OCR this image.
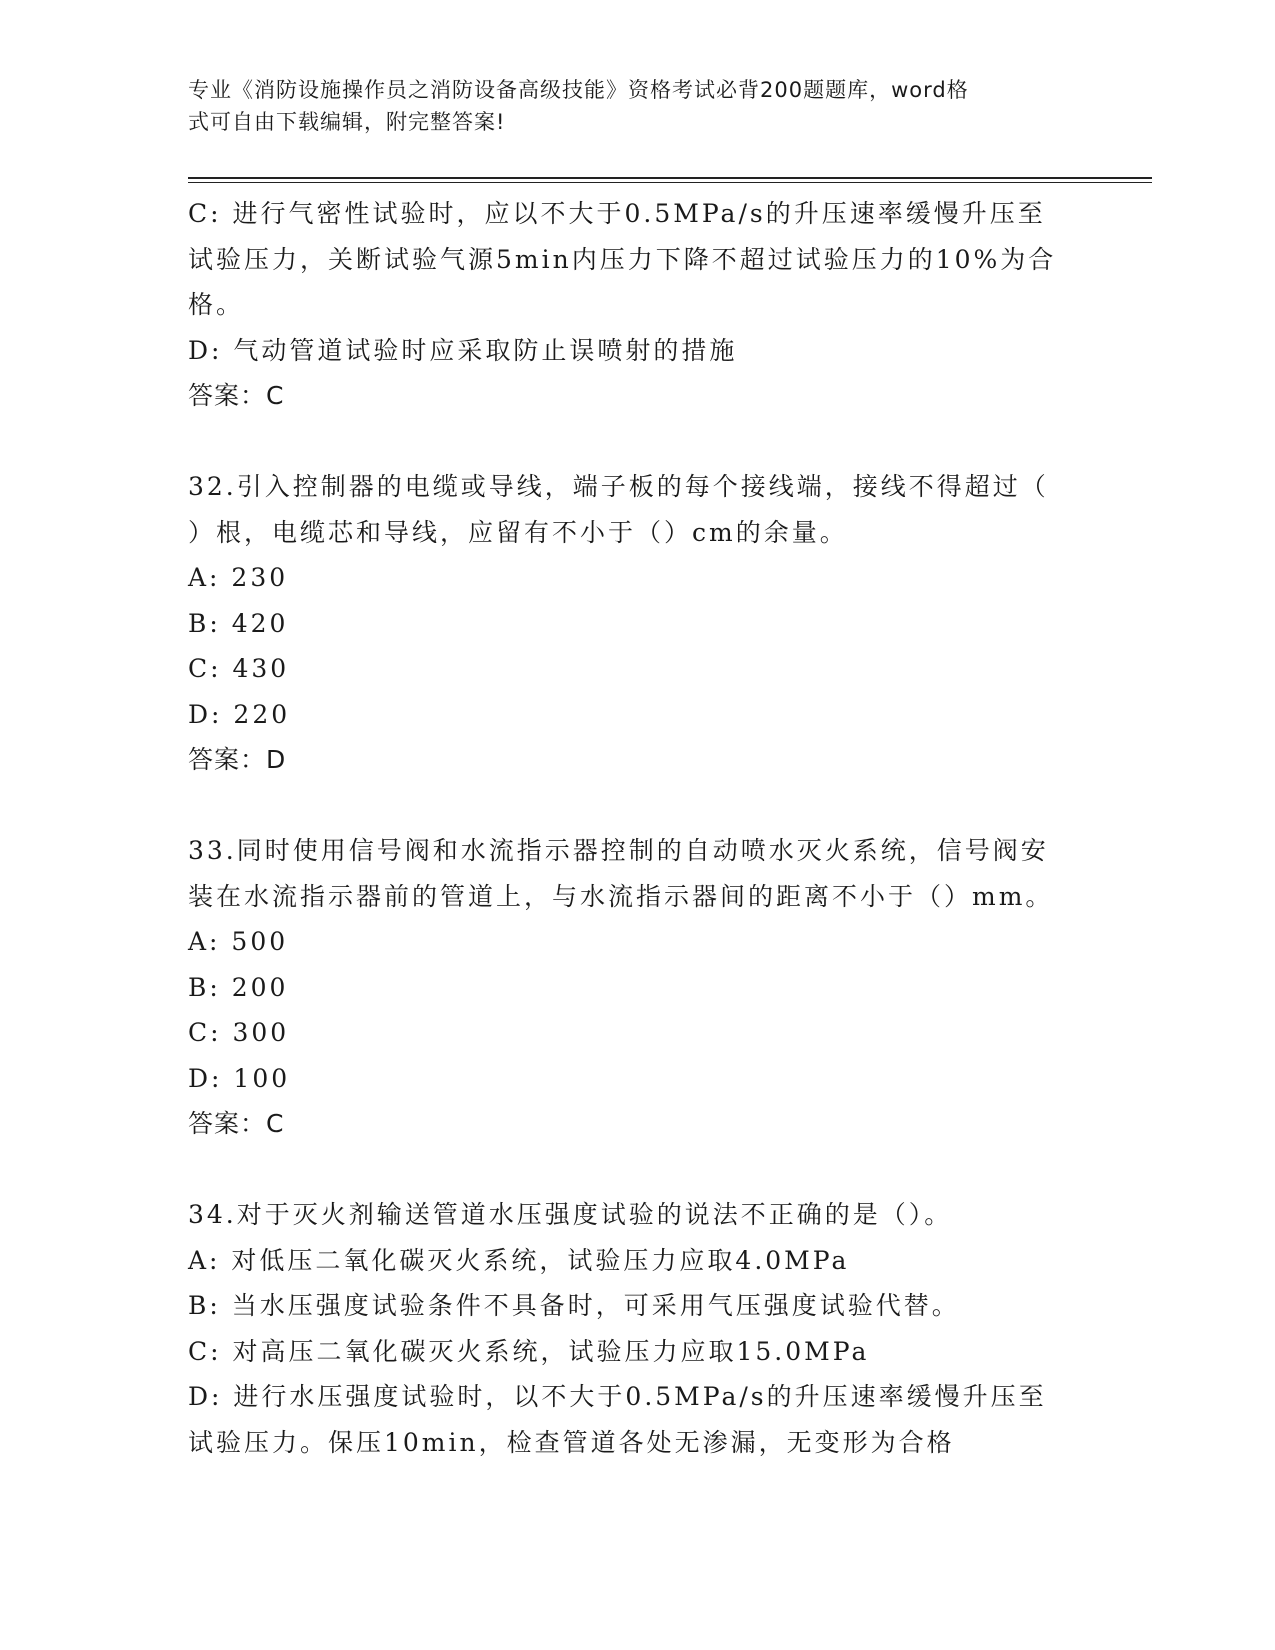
专业《消防设施操作员之消防设备高级技能》资格考试必背200题题库，word格
式可自由下载编辑，附完整答案!
C: 进行气密性试验时，应以不大于0.5MPa/s的升压速率缓慢升压至
试验压力，关断试验气源5min内压力下降不超过试验压力的10%为合
格。
D: 气动管道试验时应采取防止误喷射的措施
答案：C
32.引入控制器的电缆或导线，端子板的每个接线端，接线不得超过（
）根，电缆芯和导线，应留有不小于（）cm的余量。
A: 230
B: 420
C: 430
D: 220
答案：D
33.同时使用信号阀和水流指示器控制的自动喷水灭火系统，信号阀安
装在水流指示器前的管道上，与水流指示器间的距离不小于（）mm。
A: 500
B: 200
C: 300
D: 100
答案：C
34.对于灭火剂输送管道水压强度试验的说法不正确的是（）。
A: 对低压二氧化碳灭火系统，试验压力应取4.0MPa
B: 当水压强度试验条件不具备时，可采用气压强度试验代替。
C: 对高压二氧化碳灭火系统，试验压力应取15.0MPa
D: 进行水压强度试验时，以不大于0.5MPa/s的升压速率缓慢升压至
试验压力。保压10min，检查管道各处无渗漏，无变形为合格
